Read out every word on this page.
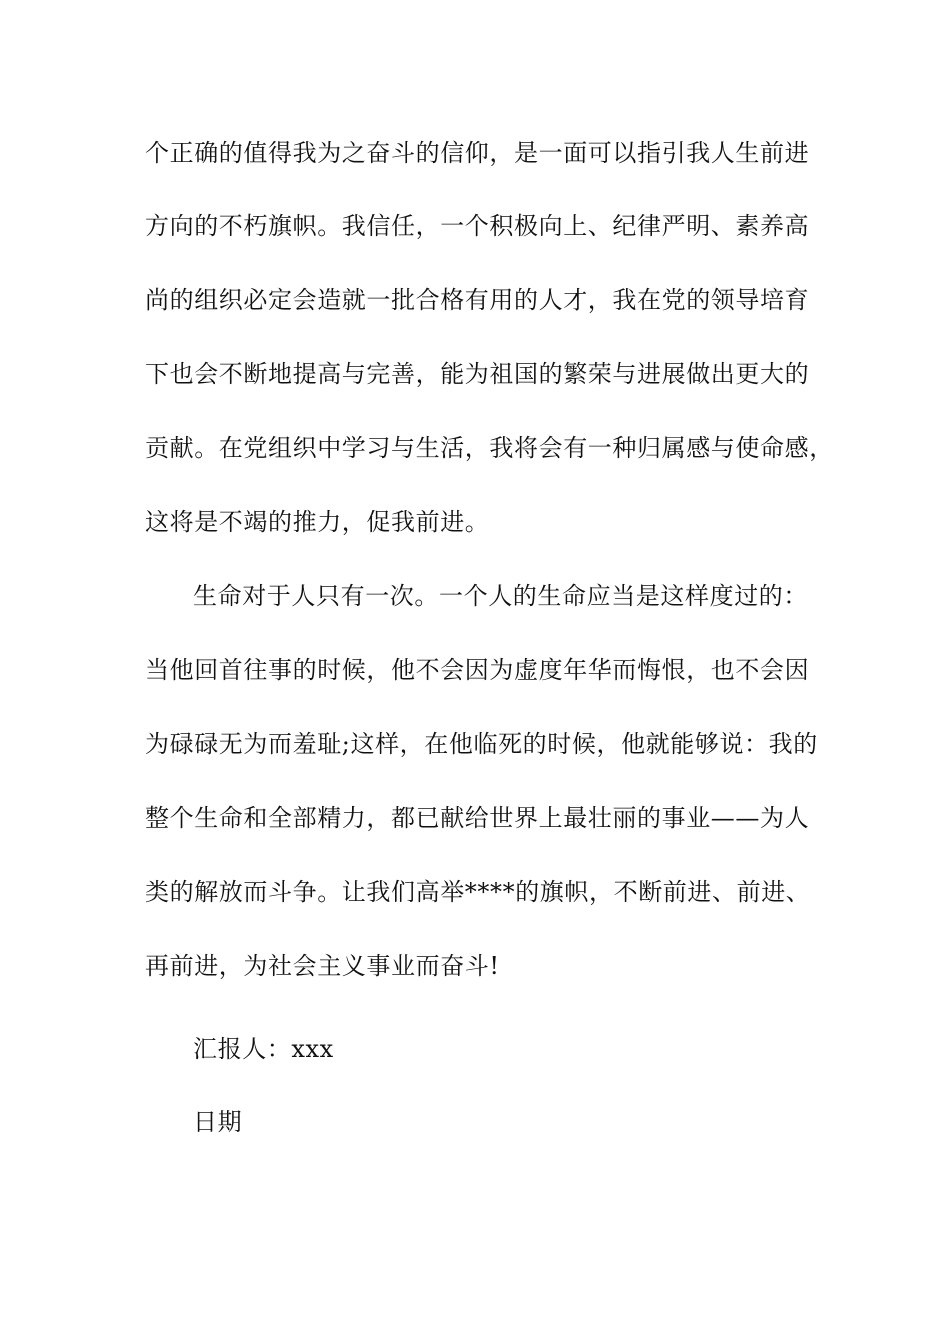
个正确的值得我为之奋斗的信仰，是一面可以指引我人生前进
方向的不朽旗帜。我信任，一个积极向上、纪律严明、素养高
尚的组织必定会造就一批合格有用的人才，我在党的领导培育
下也会不断地提高与完善，能为祖国的繁荣与进展做出更大的
贡献。在党组织中学习与生活，我将会有一种归属感与使命感，
这将是不竭的推力，促我前进。
生命对于人只有一次。一个人的生命应当是这样度过的：
当他回首往事的时候，他不会因为虚度年华而悔恨，也不会因
为碌碌无为而羞耻;这样，在他临死的时候，他就能够说：我的
整个生命和全部精力，都已献给世界上最壮丽的事业——为人
类的解放而斗争。让我们高举****的旗帜，不断前进、前进、
再前进，为社会主义事业而奋斗!
汇报人：xxx
日期
